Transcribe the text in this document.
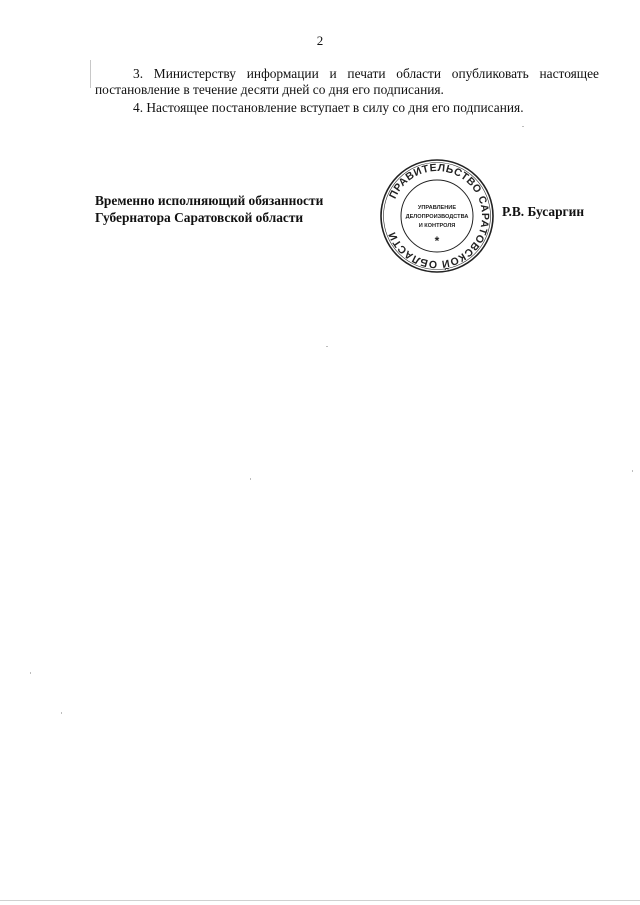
2

3. Министерству информации и печати области опубликовать настоящее постановление в течение десяти дней со дня его подписания.

4. Настоящее постановление вступает в силу со дня его подписания.

Временно исполняющий обязанности
Губернатора Саратовской области
ПРАВИТЕЛЬСТВО САРАТОВСКОЙ ОБЛАСТИ
УПРАВЛЕНИЕ
ДЕЛОПРОИЗВОДСТВА
И КОНТРОЛЯ
*
Р.В. Бусаргин
